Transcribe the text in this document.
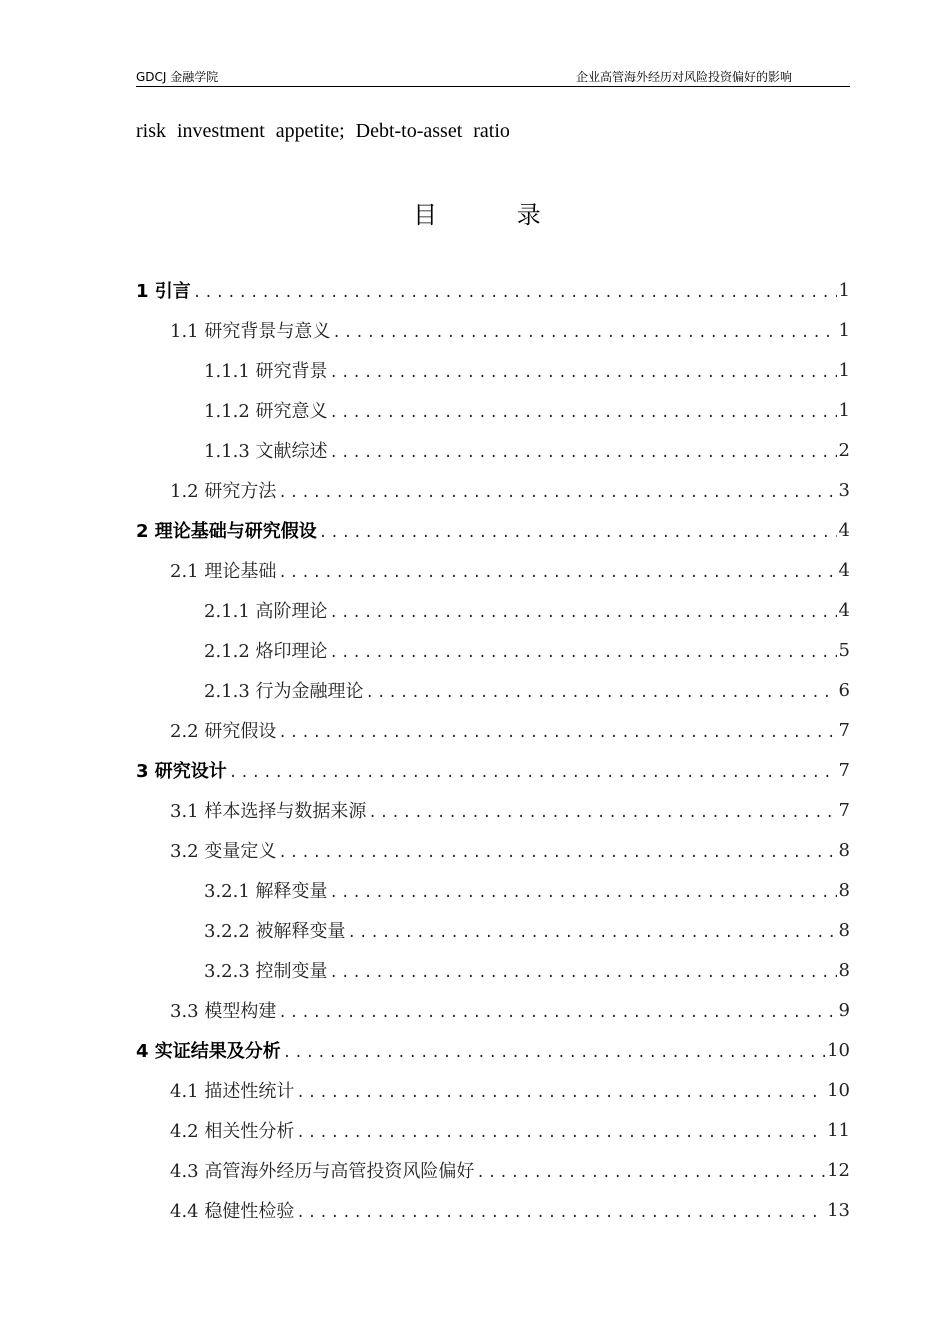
GDCJ 金融学院	企业高管海外经历对风险投资偏好的影响
risk investment appetite; Debt-to-asset ratio
目 录
1 引言 .....	1
1.1 研究背景与意义 .....	1
1.1.1 研究背景 .....	1
1.1.2 研究意义 .....	1
1.1.3 文献综述 .....	2
1.2 研究方法 .....	3
2 理论基础与研究假设 .....	4
2.1 理论基础 .....	4
2.1.1 高阶理论 .....	4
2.1.2 烙印理论 .....	5
2.1.3 行为金融理论 .....	6
2.2 研究假设 .....	7
3 研究设计 .....	7
3.1 样本选择与数据来源 .....	7
3.2 变量定义 .....	8
3.2.1 解释变量 .....	8
3.2.2 被解释变量 .....	8
3.2.3 控制变量 .....	8
3.3 模型构建 .....	9
4 实证结果及分析 .....	10
4.1 描述性统计 .....	10
4.2 相关性分析 .....	11
4.3 高管海外经历与高管投资风险偏好 .....	12
4.4 稳健性检验 .....	13
